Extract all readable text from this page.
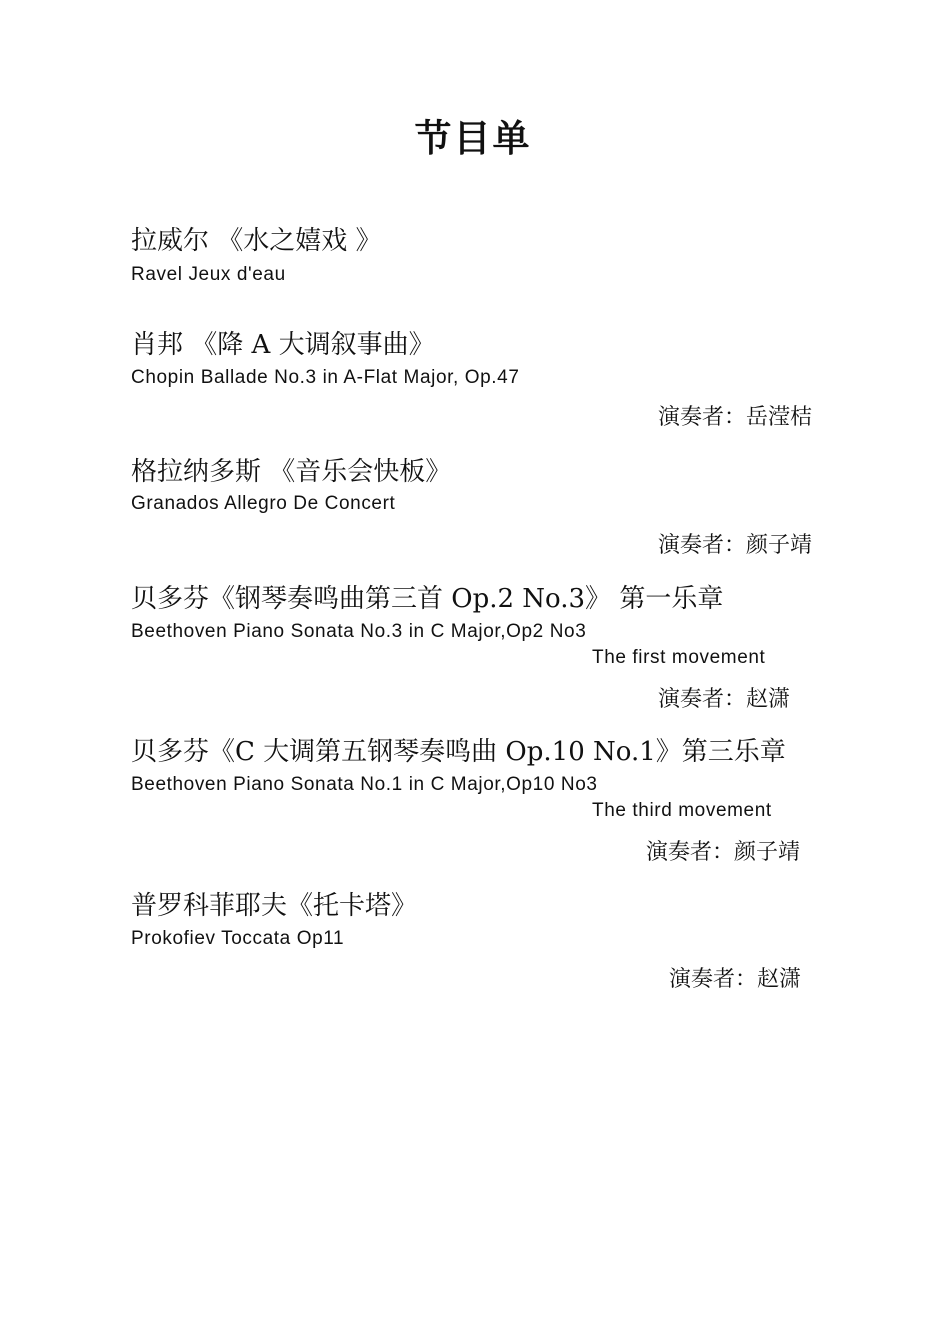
节目单
拉威尔 《水之嬉戏 》
Ravel Jeux d'eau
肖邦 《降 A 大调叙事曲》
Chopin Ballade No.3 in A-Flat Major, Op.47
演奏者：岳滢桔
格拉纳多斯 《音乐会快板》
Granados Allegro De Concert
演奏者：颜子靖
贝多芬《钢琴奏鸣曲第三首 Op.2 No.3》 第一乐章
Beethoven Piano Sonata No.3 in C Major,Op2 No3
The first movement
演奏者：赵潇
贝多芬《C 大调第五钢琴奏鸣曲 Op.10 No.1》第三乐章
Beethoven Piano Sonata No.1 in C Major,Op10 No3
The third movement
演奏者：颜子靖
普罗科菲耶夫《托卡塔》
Prokofiev Toccata Op11
演奏者：赵潇
